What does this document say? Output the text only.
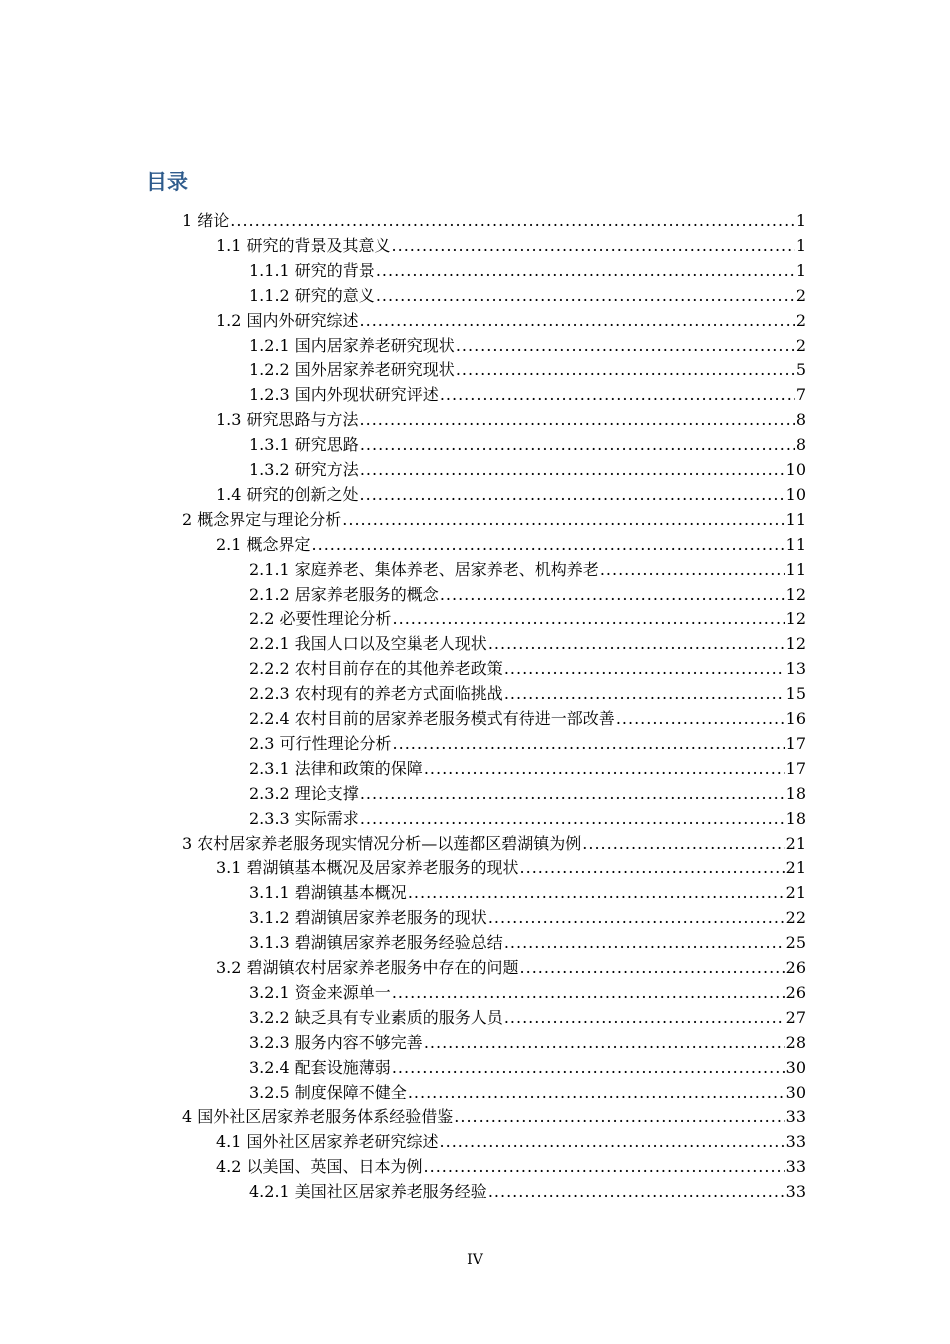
目录
1 绪论 .....	1
1.1 研究的背景及其意义 .....	1
1.1.1 研究的背景 .....	1
1.1.2 研究的意义 .....	2
1.2 国内外研究综述 .....	2
1.2.1 国内居家养老研究现状 .....	2
1.2.2 国外居家养老研究现状 .....	5
1.2.3 国内外现状研究评述 .....	7
1.3 研究思路与方法 .....	8
1.3.1 研究思路 .....	8
1.3.2 研究方法 .....	10
1.4 研究的创新之处 .....	10
2 概念界定与理论分析 .....	11
2.1 概念界定 .....	11
2.1.1 家庭养老、集体养老、居家养老、机构养老 .....	11
2.1.2 居家养老服务的概念 .....	12
2.2 必要性理论分析 .....	12
2.2.1 我国人口以及空巢老人现状 .....	12
2.2.2 农村目前存在的其他养老政策 .....	13
2.2.3 农村现有的养老方式面临挑战 .....	15
2.2.4 农村目前的居家养老服务模式有待进一部改善 .....	16
2.3 可行性理论分析 .....	17
2.3.1 法律和政策的保障 .....	17
2.3.2 理论支撑 .....	18
2.3.3 实际需求 .....	18
3 农村居家养老服务现实情况分析—以莲都区碧湖镇为例 .....	21
3.1 碧湖镇基本概况及居家养老服务的现状 .....	21
3.1.1 碧湖镇基本概况 .....	21
3.1.2 碧湖镇居家养老服务的现状 .....	22
3.1.3 碧湖镇居家养老服务经验总结 .....	25
3.2 碧湖镇农村居家养老服务中存在的问题 .....	26
3.2.1 资金来源单一 .....	26
3.2.2 缺乏具有专业素质的服务人员 .....	27
3.2.3 服务内容不够完善 .....	28
3.2.4 配套设施薄弱 .....	30
3.2.5 制度保障不健全 .....	30
4 国外社区居家养老服务体系经验借鉴 .....	33
4.1 国外社区居家养老研究综述 .....	33
4.2 以美国、英国、日本为例 .....	33
4.2.1 美国社区居家养老服务经验 .....	33
IV
